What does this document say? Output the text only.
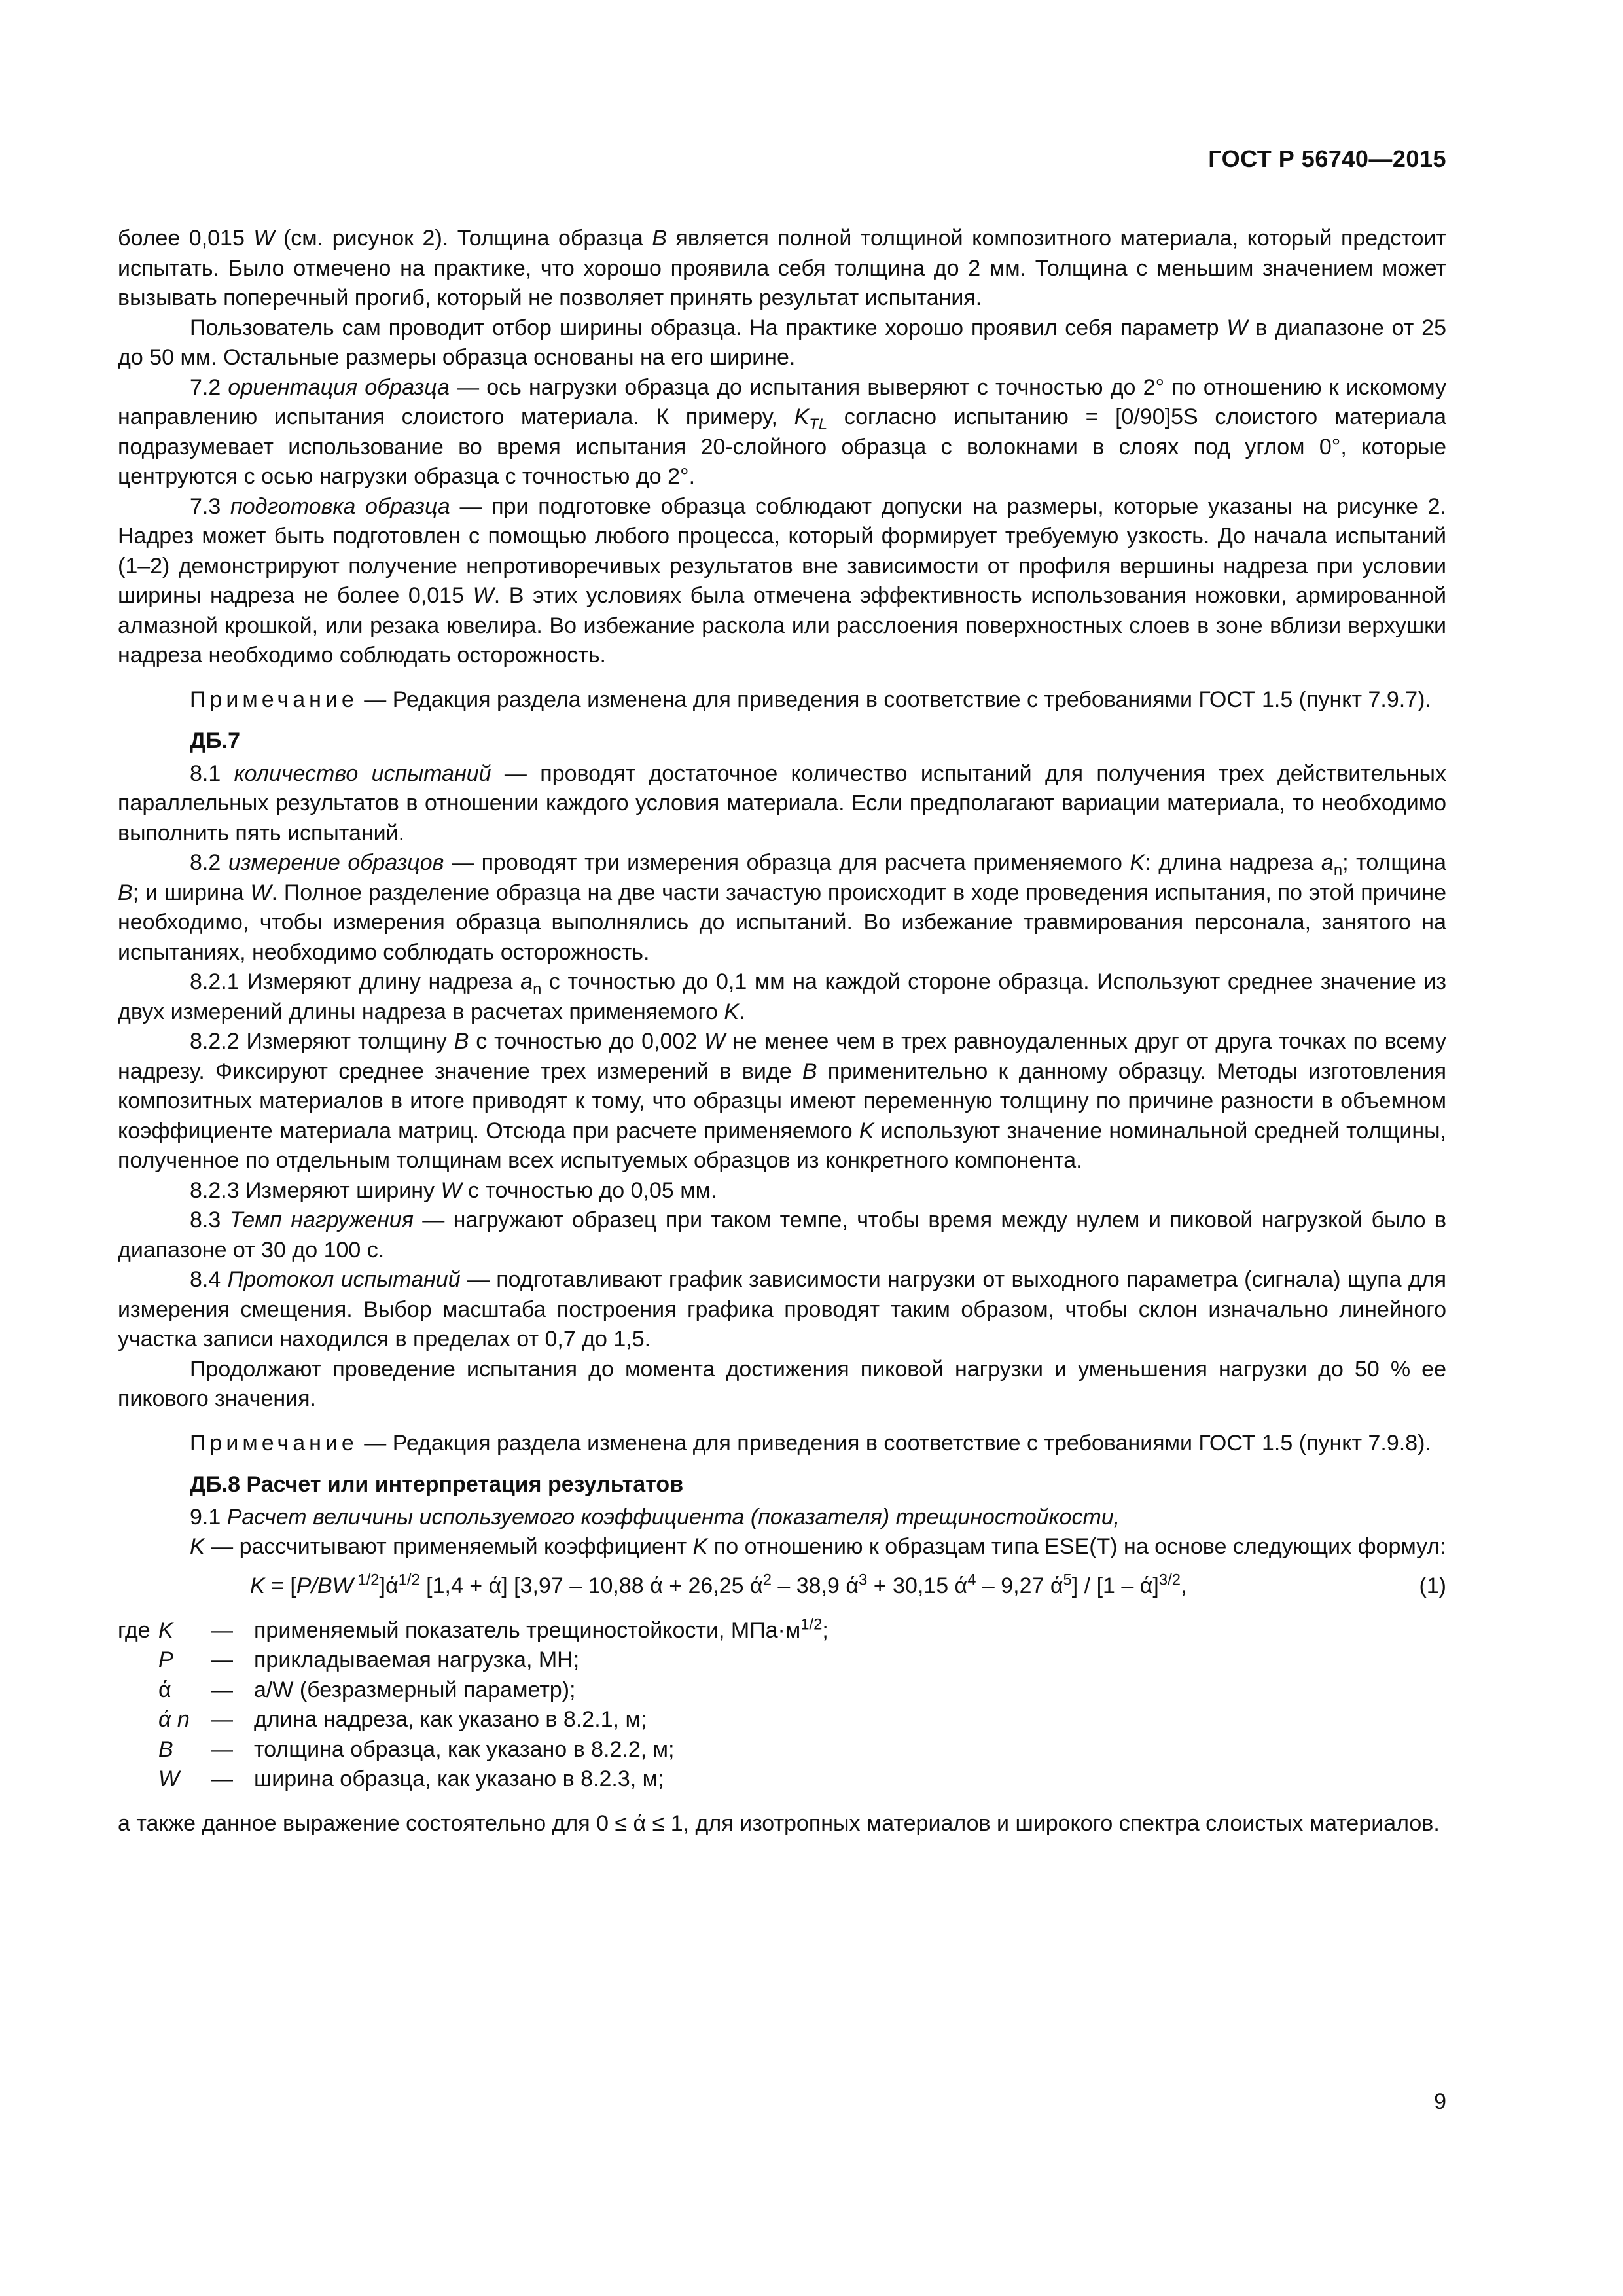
ГОСТ Р 56740—2015

более 0,015 W (см. рисунок 2). Толщина образца B является полной толщиной композитного материала, который предстоит испытать. Было отмечено на практике, что хорошо проявила себя толщина до 2 мм. Толщина с меньшим значением может вызывать поперечный прогиб, который не позволяет принять результат испытания.

Пользователь сам проводит отбор ширины образца. На практике хорошо проявил себя параметр W в диапазоне от 25 до 50 мм. Остальные размеры образца основаны на его ширине.

7.2 ориентация образца — ось нагрузки образца до испытания выверяют с точностью до 2° по отношению к искомому направлению испытания слоистого материала. К примеру, $K_{TL}$ согласно испытанию = [0/90]5S слоистого материала подразумевает использование во время испытания 20-слойного образца с волокнами в слоях под углом 0°, которые центруются с осью нагрузки образца с точностью до 2°.

7.3 подготовка образца — при подготовке образца соблюдают допуски на размеры, которые указаны на рисунке 2. Надрез может быть подготовлен с помощью любого процесса, который формирует требуемую узкость. До начала испытаний (1–2) демонстрируют получение непротиворечивых результатов вне зависимости от профиля вершины надреза при условии ширины надреза не более 0,015 W. В этих условиях была отмечена эффективность использования ножовки, армированной алмазной крошкой, или резака ювелира. Во избежание раскола или расслоения поверхностных слоев в зоне вблизи верхушки надреза необходимо соблюдать осторожность.

Примечание — Редакция раздела изменена для приведения в соответствие с требованиями ГОСТ 1.5 (пункт 7.9.7).

ДБ.7

8.1 количество испытаний — проводят достаточное количество испытаний для получения трех действительных параллельных результатов в отношении каждого условия материала. Если предполагают вариации материала, то необходимо выполнить пять испытаний.

8.2 измерение образцов — проводят три измерения образца для расчета применяемого K: длина надреза $a_n$; толщина B; и ширина W. Полное разделение образца на две части зачастую происходит в ходе проведения испытания, по этой причине необходимо, чтобы измерения образца выполнялись до испытаний. Во избежание травмирования персонала, занятого на испытаниях, необходимо соблюдать осторожность.

8.2.1 Измеряют длину надреза $a_n$ с точностью до 0,1 мм на каждой стороне образца. Используют среднее значение из двух измерений длины надреза в расчетах применяемого K.

8.2.2 Измеряют толщину B с точностью до 0,002 W не менее чем в трех равноудаленных друг от друга точках по всему надрезу. Фиксируют среднее значение трех измерений в виде B применительно к данному образцу. Методы изготовления композитных материалов в итоге приводят к тому, что образцы имеют переменную толщину по причине разности в объемном коэффициенте материала матриц. Отсюда при расчете применяемого K используют значение номинальной средней толщины, полученное по отдельным толщинам всех испытуемых образцов из конкретного компонента.

8.2.3 Измеряют ширину W с точностью до 0,05 мм.

8.3 Темп нагружения — нагружают образец при таком темпе, чтобы время между нулем и пиковой нагрузкой было в диапазоне от 30 до 100 с.

8.4 Протокол испытаний — подготавливают график зависимости нагрузки от выходного параметра (сигнала) щупа для измерения смещения. Выбор масштаба построения графика проводят таким образом, чтобы склон изначально линейного участка записи находился в пределах от 0,7 до 1,5.

Продолжают проведение испытания до момента достижения пиковой нагрузки и уменьшения нагрузки до 50 % ее пикового значения.

Примечание — Редакция раздела изменена для приведения в соответствие с требованиями ГОСТ 1.5 (пункт 7.9.8).

ДБ.8 Расчет или интерпретация результатов

9.1 Расчет величины используемого коэффициента (показателя) трещиностойкости,

K — рассчитывают применяемый коэффициент K по отношению к образцам типа ESE(T) на основе следующих формул:

K = [P/BW $^{1/2}]ά^{1/2}$ [1,4 + ά] [3,97 – 10,88 ά + 26,25 $ά^2 - 38,9$ $ά^3 + 30,15$ $ά^4 - 9,27$ $ά^5] / [1 - ά]^{3/2}$,	(1)
где	K	—	применяемый показатель трещиностойкости, $МПа\cdot м^{1/2}$;
	P	—	прикладываемая нагрузка, МН;
	ά	—	a/W (безразмерный параметр);
	ά n	—	длина надреза, как указано в 8.2.1, м;
	B	—	толщина образца, как указано в 8.2.2, м;
	W	—	ширина образца, как указано в 8.2.3, м;

а также данное выражение состоятельно для 0 ≤ ά ≤ 1, для изотропных материалов и широкого спектра слоистых материалов.

9
